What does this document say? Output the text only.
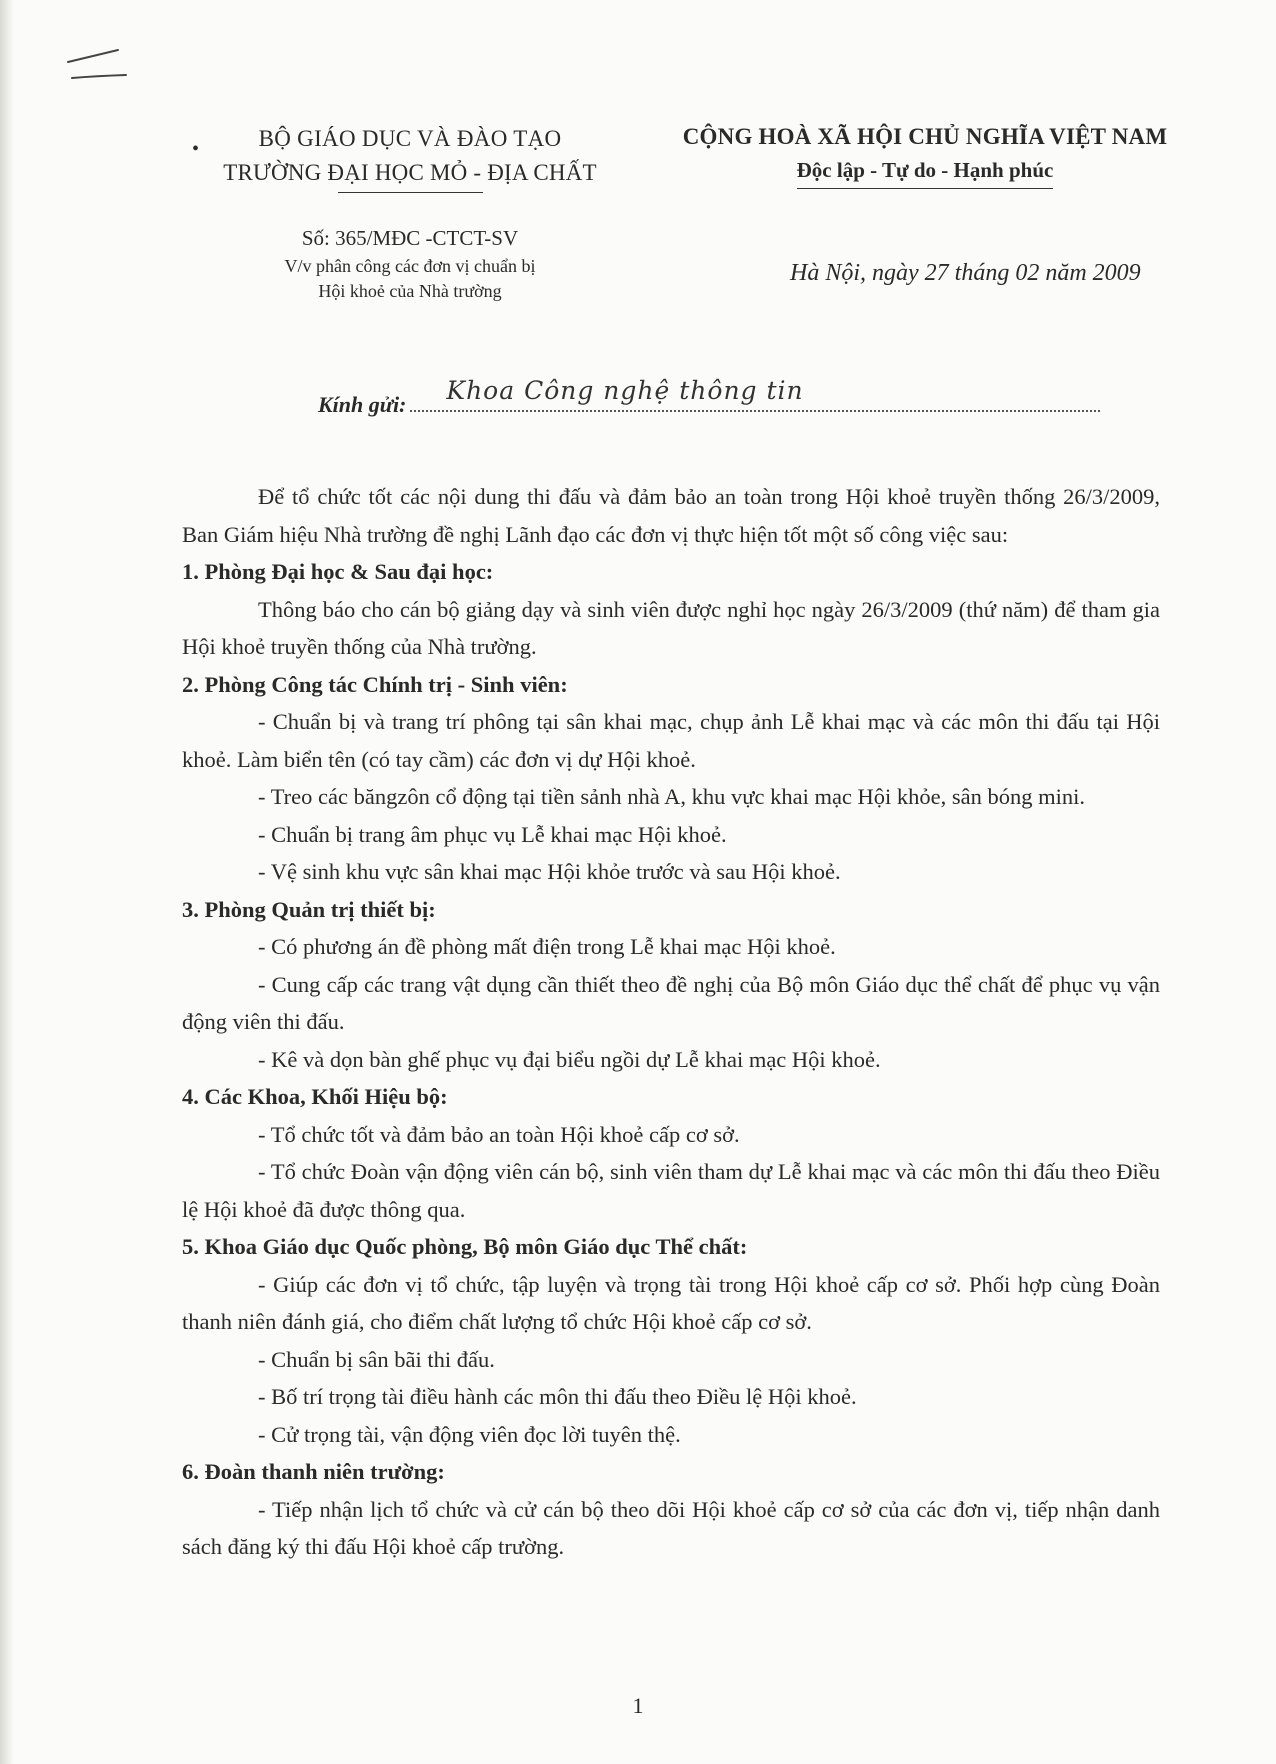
•	BỘ GIÁO DỤC VÀ ĐÀO TẠO
TRƯỜNG ĐẠI HỌC MỎ - ĐỊA CHẤT
CỘNG HOÀ XÃ HỘI CHỦ NGHĨA VIỆT NAM
Độc lập - Tự do - Hạnh phúc
Số: 365/MĐC -CTCT-SV
V/v phân công các đơn vị chuẩn bị
Hội khoẻ của Nhà trường
Hà Nội, ngày 27 tháng 02 năm 2009
Kính gửi: Khoa Công nghệ thông tin

Để tổ chức tốt các nội dung thi đấu và đảm bảo an toàn trong Hội khoẻ truyền thống 26/3/2009, Ban Giám hiệu Nhà trường đề nghị Lãnh đạo các đơn vị thực hiện tốt một số công việc sau:

1. Phòng Đại học & Sau đại học:

Thông báo cho cán bộ giảng dạy và sinh viên được nghỉ học ngày 26/3/2009 (thứ năm) để tham gia Hội khoẻ truyền thống của Nhà trường.

2. Phòng Công tác Chính trị - Sinh viên:

- Chuẩn bị và trang trí phông tại sân khai mạc, chụp ảnh Lễ khai mạc và các môn thi đấu tại Hội khoẻ. Làm biển tên (có tay cầm) các đơn vị dự Hội khoẻ.

- Treo các băngzôn cổ động tại tiền sảnh nhà A, khu vực khai mạc Hội khỏe, sân bóng mini.

- Chuẩn bị trang âm phục vụ Lễ khai mạc Hội khoẻ.

- Vệ sinh khu vực sân khai mạc Hội khỏe trước và sau Hội khoẻ.

3. Phòng Quản trị thiết bị:

- Có phương án đề phòng mất điện trong Lễ khai mạc Hội khoẻ.

- Cung cấp các trang vật dụng cần thiết theo đề nghị của Bộ môn Giáo dục thể chất để phục vụ vận động viên thi đấu.

- Kê và dọn bàn ghế phục vụ đại biểu ngồi dự Lễ khai mạc Hội khoẻ.

4. Các Khoa, Khối Hiệu bộ:

- Tổ chức tốt và đảm bảo an toàn Hội khoẻ cấp cơ sở.

- Tổ chức Đoàn vận động viên cán bộ, sinh viên tham dự Lễ khai mạc và các môn thi đấu theo Điều lệ Hội khoẻ đã được thông qua.

5. Khoa Giáo dục Quốc phòng, Bộ môn Giáo dục Thể chất:

- Giúp các đơn vị tổ chức, tập luyện và trọng tài trong Hội khoẻ cấp cơ sở. Phối hợp cùng Đoàn thanh niên đánh giá, cho điểm chất lượng tổ chức Hội khoẻ cấp cơ sở.

- Chuẩn bị sân bãi thi đấu.

- Bố trí trọng tài điều hành các môn thi đấu theo Điều lệ Hội khoẻ.

- Cử trọng tài, vận động viên đọc lời tuyên thệ.

6. Đoàn thanh niên trường:

- Tiếp nhận lịch tổ chức và cử cán bộ theo dõi Hội khoẻ cấp cơ sở của các đơn vị, tiếp nhận danh sách đăng ký thi đấu Hội khoẻ cấp trường.

1
